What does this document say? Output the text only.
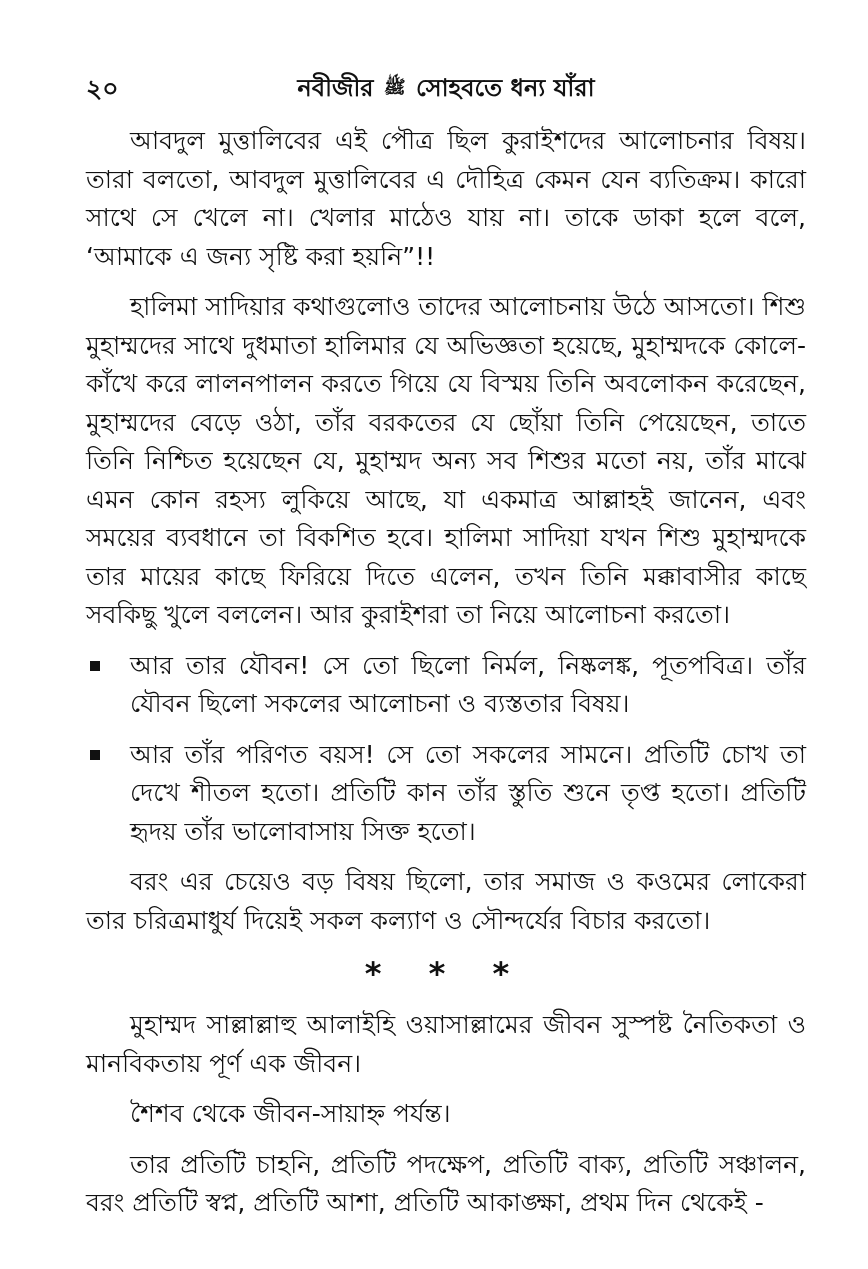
২০	নবীজীর ﷺ সোহবতে ধন্য যাঁরা

আবদুল মুত্তালিবের এই পৌত্র ছিল কুরাইশদের আলোচনার বিষয়। তারা বলতো, আবদুল মুত্তালিবের এ দৌহিত্র কেমন যেন ব্যতিক্রম। কারো সাথে সে খেলে না। খেলার মাঠেও যায় না। তাকে ডাকা হলে বলে, ‘আমাকে এ জন্য সৃষ্টি করা হয়নি”!!

হালিমা সাদিয়ার কথাগুলোও তাদের আলোচনায় উঠে আসতো। শিশু মুহাম্মদের সাথে দুধমাতা হালিমার যে অভিজ্ঞতা হয়েছে, মুহাম্মদকে কোলে-কাঁখে করে লালনপালন করতে গিয়ে যে বিস্ময় তিনি অবলোকন করেছেন, মুহাম্মদের বেড়ে ওঠা, তাঁর বরকতের যে ছোঁয়া তিনি পেয়েছেন, তাতে তিনি নিশ্চিত হয়েছেন যে, মুহাম্মদ অন্য সব শিশুর মতো নয়, তাঁর মাঝে এমন কোন রহস্য লুকিয়ে আছে, যা একমাত্র আল্লাহই জানেন, এবং সময়ের ব্যবধানে তা বিকশিত হবে। হালিমা সাদিয়া যখন শিশু মুহাম্মদকে তার মায়ের কাছে ফিরিয়ে দিতে এলেন, তখন তিনি মক্কাবাসীর কাছে সবকিছু খুলে বললেন। আর কুরাইশরা তা নিয়ে আলোচনা করতো।

আর তার যৌবন! সে তো ছিলো নির্মল, নিষ্কলঙ্ক, পূতপবিত্র। তাঁর যৌবন ছিলো সকলের আলোচনা ও ব্যস্ততার বিষয়।
আর তাঁর পরিণত বয়স! সে তো সকলের সামনে। প্রতিটি চোখ তা দেখে শীতল হতো। প্রতিটি কান তাঁর স্তুতি শুনে তৃপ্ত হতো। প্রতিটি হৃদয় তাঁর ভালোবাসায় সিক্ত হতো।

বরং এর চেয়েও বড় বিষয় ছিলো, তার সমাজ ও কওমের লোকেরা তার চরিত্রমাধুর্য দিয়েই সকল কল্যাণ ও সৌন্দর্যের বিচার করতো।

* * *

মুহাম্মদ সাল্লাল্লাহু আলাইহি ওয়াসাল্লামের জীবন সুস্পষ্ট নৈতিকতা ও মানবিকতায় পূর্ণ এক জীবন।

শৈশব থেকে জীবন-সায়াহ্ন পর্যন্ত।

তার প্রতিটি চাহনি, প্রতিটি পদক্ষেপ, প্রতিটি বাক্য, প্রতিটি সঞ্চালন, বরং প্রতিটি স্বপ্ন, প্রতিটি আশা, প্রতিটি আকাঙ্ক্ষা, প্রথম দিন থেকেই -
